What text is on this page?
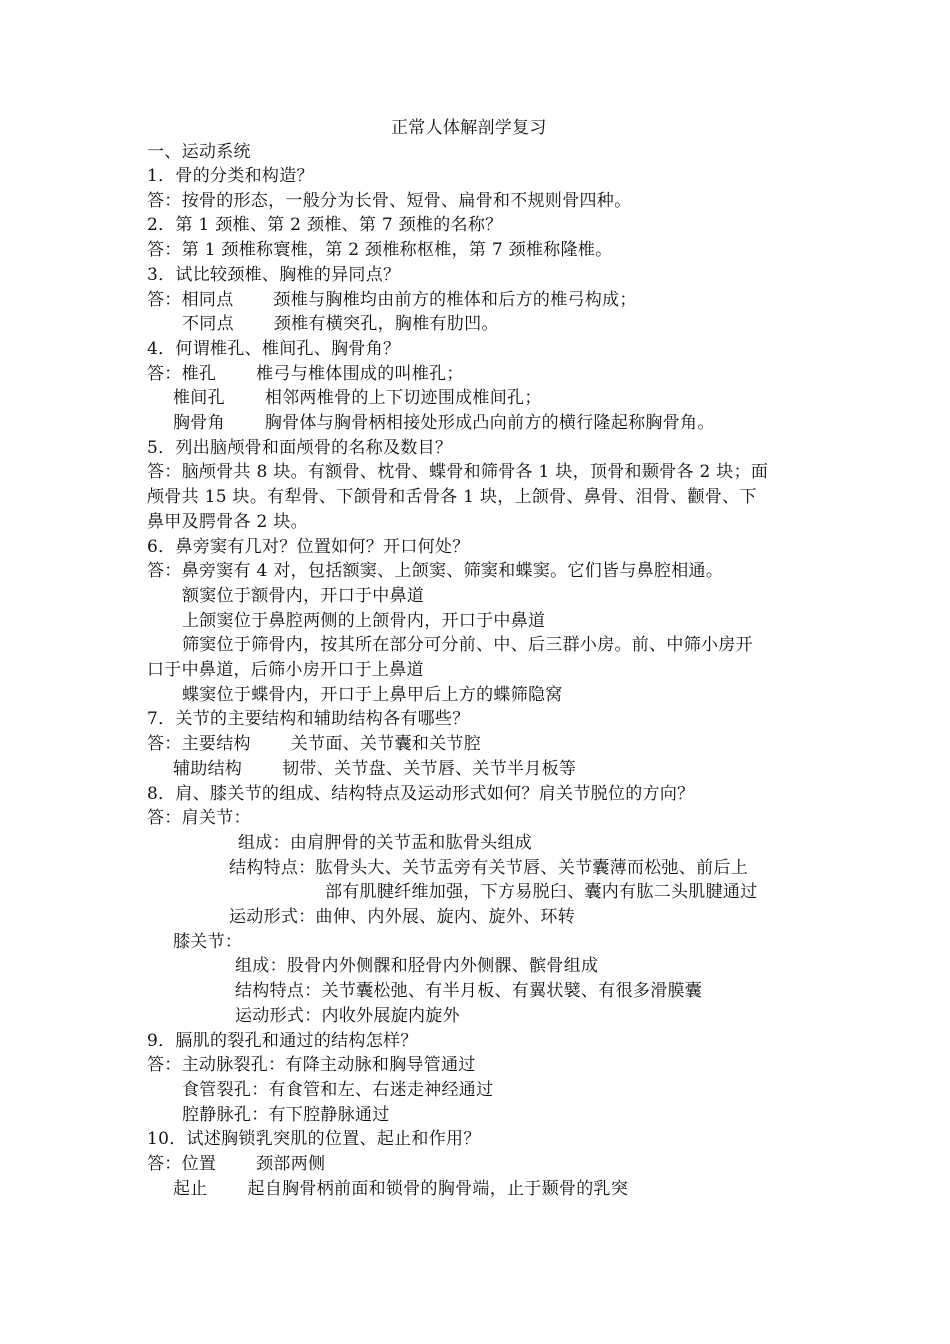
正常人体解剖学复习
一、运动系统
1．骨的分类和构造？
答：按骨的形态，一般分为长骨、短骨、扁骨和不规则骨四种。
2．第 1 颈椎、第 2 颈椎、第 7 颈椎的名称？
答：第 1 颈椎称寰椎，第 2 颈椎称枢椎，第 7 颈椎称隆椎。
3．试比较颈椎、胸椎的异同点？
答：相同点       颈椎与胸椎均由前方的椎体和后方的椎弓构成；
不同点       颈椎有横突孔，胸椎有肋凹。
4．何谓椎孔、椎间孔、胸骨角？
答：椎孔       椎弓与椎体围成的叫椎孔；
椎间孔       相邻两椎骨的上下切迹围成椎间孔；
胸骨角       胸骨体与胸骨柄相接处形成凸向前方的横行隆起称胸骨角。
5．列出脑颅骨和面颅骨的名称及数目？
答：脑颅骨共 8 块。有额骨、枕骨、蝶骨和筛骨各 1 块，顶骨和颞骨各 2 块；面
颅骨共 15 块。有犁骨、下颌骨和舌骨各 1 块，上颌骨、鼻骨、泪骨、颧骨、下
鼻甲及腭骨各 2 块。
6．鼻旁窦有几对？位置如何？开口何处？
答：鼻旁窦有 4 对，包括额窦、上颌窦、筛窦和蝶窦。它们皆与鼻腔相通。
额窦位于额骨内，开口于中鼻道
上颌窦位于鼻腔两侧的上颌骨内，开口于中鼻道
筛窦位于筛骨内，按其所在部分可分前、中、后三群小房。前、中筛小房开
口于中鼻道，后筛小房开口于上鼻道
蝶窦位于蝶骨内，开口于上鼻甲后上方的蝶筛隐窝
7．关节的主要结构和辅助结构各有哪些？
答：主要结构       关节面、关节囊和关节腔
辅助结构       韧带、关节盘、关节唇、关节半月板等
8．肩、膝关节的组成、结构特点及运动形式如何？肩关节脱位的方向？
答：肩关节：
组成：由肩胛骨的关节盂和肱骨头组成
结构特点：肱骨头大、关节盂旁有关节唇、关节囊薄而松弛、前后上
部有肌腱纤维加强，下方易脱臼、囊内有肱二头肌腱通过
运动形式：曲伸、内外展、旋内、旋外、环转
膝关节：
组成：股骨内外侧髁和胫骨内外侧髁、髌骨组成
结构特点：关节囊松弛、有半月板、有翼状襞、有很多滑膜囊
运动形式：内收外展旋内旋外
9．膈肌的裂孔和通过的结构怎样？
答：主动脉裂孔：有降主动脉和胸导管通过
食管裂孔：有食管和左、右迷走神经通过
腔静脉孔：有下腔静脉通过
10．试述胸锁乳突肌的位置、起止和作用？
答：位置       颈部两侧
起止       起自胸骨柄前面和锁骨的胸骨端，止于颞骨的乳突
